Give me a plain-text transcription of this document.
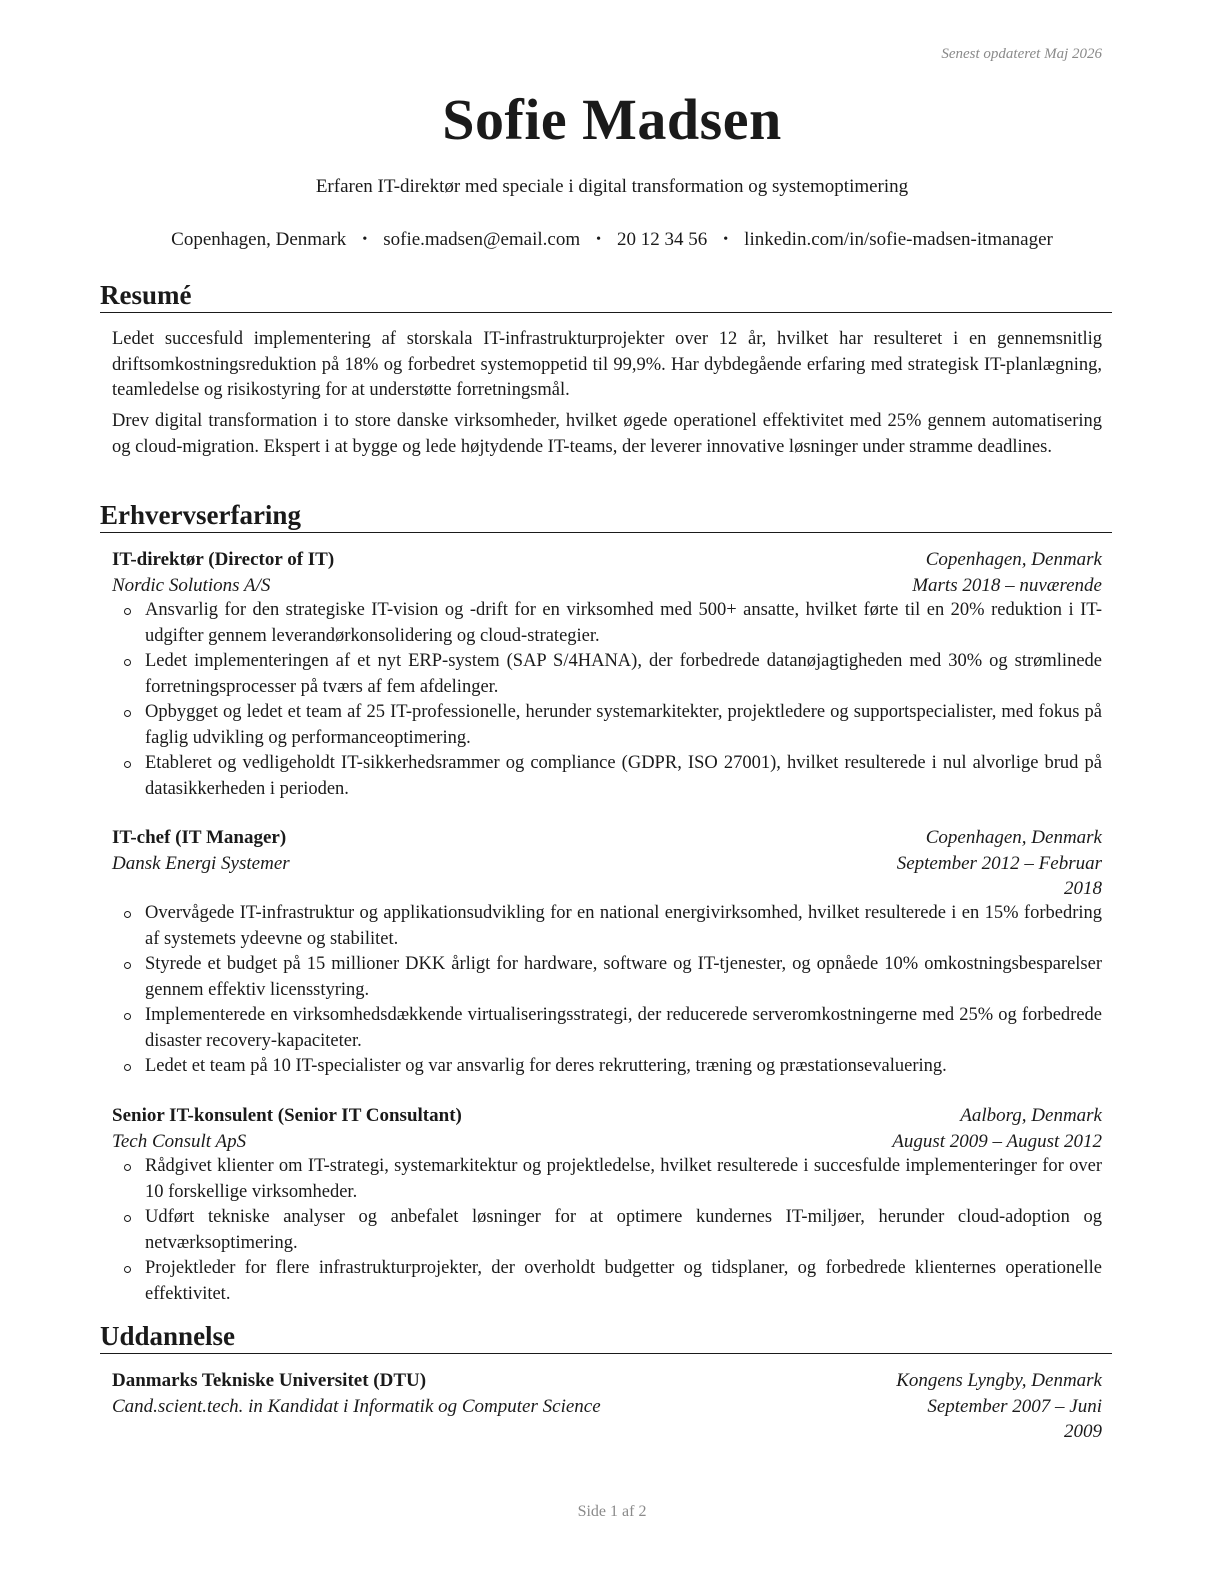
Senest opdateret Maj 2026
Sofie Madsen
Erfaren IT-direktør med speciale i digital transformation og systemoptimering
Copenhagen, Denmark • sofie.madsen@email.com • 20 12 34 56 • linkedin.com/in/sofie-madsen-itmanager
Resumé

Ledet succesfuld implementering af storskala IT-infrastrukturprojekter over 12 år, hvilket har resulteret i en gennemsnitlig driftsomkostningsreduktion på 18% og forbedret systemoppetid til 99,9%. Har dybdegående erfaring med strategisk IT-planlægning, teamledelse og risikostyring for at understøtte forretningsmål.

Drev digital transformation i to store danske virksomheder, hvilket øgede operationel effektivitet med 25% gennem automatisering og cloud-migration. Ekspert i at bygge og lede højtydende IT-teams, der leverer innovative løsninger under stramme deadlines.

Erhvervserfaring
IT-direktør (Director of IT)	Copenhagen, Denmark
Nordic Solutions A/S	Marts 2018 – nuværende
Ansvarlig for den strategiske IT-vision og -drift for en virksomhed med 500+ ansatte, hvilket førte til en 20% reduktion i IT-udgifter gennem leverandørkonsolidering og cloud-strategier.
Ledet implementeringen af et nyt ERP-system (SAP S/4HANA), der forbedrede datanøjagtigheden med 30% og strømlinede forretningsprocesser på tværs af fem afdelinger.
Opbygget og ledet et team af 25 IT-professionelle, herunder systemarkitekter, projektledere og supportspecialister, med fokus på faglig udvikling og performanceoptimering.
Etableret og vedligeholdt IT-sikkerhedsrammer og compliance (GDPR, ISO 27001), hvilket resulterede i nul alvorlige brud på datasikkerheden i perioden.
IT-chef (IT Manager)	Copenhagen, Denmark
Dansk Energi Systemer	September 2012 – Februar
2018
Overvågede IT-infrastruktur og applikationsudvikling for en national energivirksomhed, hvilket resulterede i en 15% forbedring af systemets ydeevne og stabilitet.
Styrede et budget på 15 millioner DKK årligt for hardware, software og IT-tjenester, og opnåede 10% omkostningsbesparelser gennem effektiv licensstyring.
Implementerede en virksomhedsdækkende virtualiseringsstrategi, der reducerede serveromkostningerne med 25% og forbedrede disaster recovery-kapaciteter.
Ledet et team på 10 IT-specialister og var ansvarlig for deres rekruttering, træning og præstationsevaluering.
Senior IT-konsulent (Senior IT Consultant)	Aalborg, Denmark
Tech Consult ApS	August 2009 – August 2012
Rådgivet klienter om IT-strategi, systemarkitektur og projektledelse, hvilket resulterede i succesfulde implementeringer for over 10 forskellige virksomheder.
Udført tekniske analyser og anbefalet løsninger for at optimere kundernes IT-miljøer, herunder cloud-adoption og netværksoptimering.
Projektleder for flere infrastrukturprojekter, der overholdt budgetter og tidsplaner, og forbedrede klienternes operationelle effektivitet.
Uddannelse
Danmarks Tekniske Universitet (DTU)	Kongens Lyngby, Denmark
Cand.scient.tech. in Kandidat i Informatik og Computer Science	September 2007 – Juni
2009
Side 1 af 2
